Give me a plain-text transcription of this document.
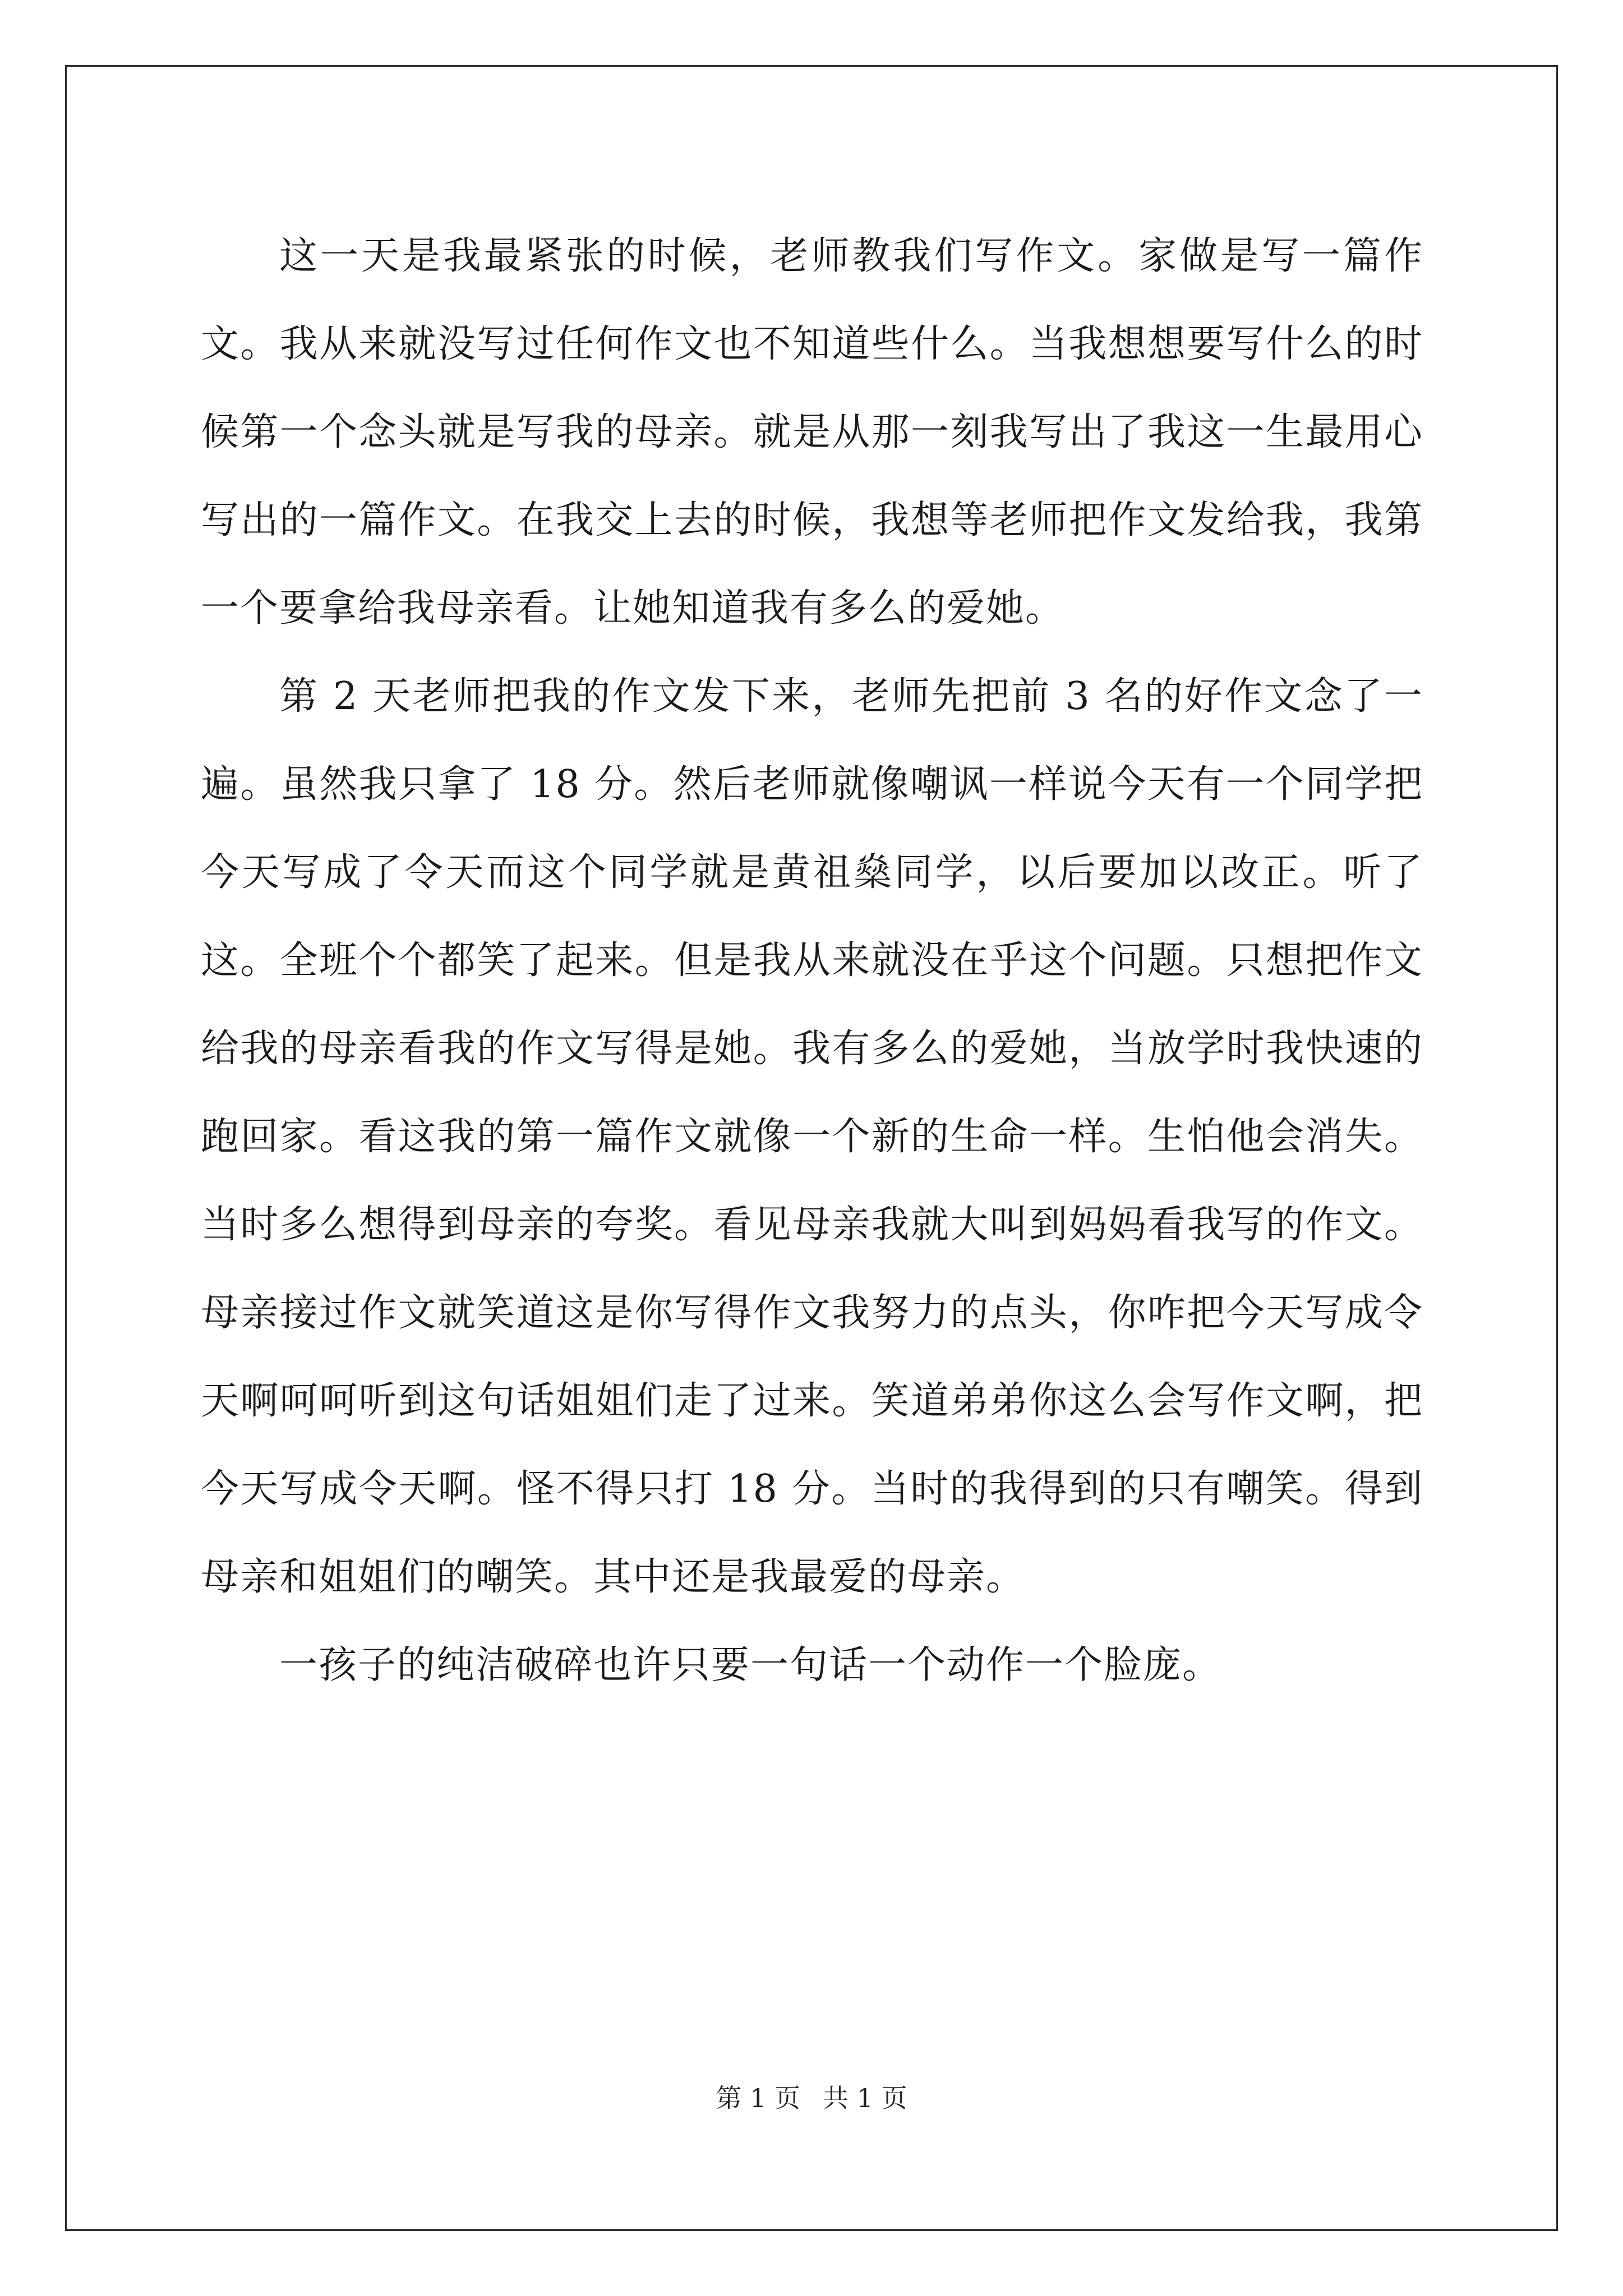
这一天是我最紧张的时候，老师教我们写作文。家做是写一篇作文。我从来就没写过任何作文也不知道些什么。当我想想要写什么的时候第一个念头就是写我的母亲。就是从那一刻我写出了我这一生最用心写出的一篇作文。在我交上去的时候，我想等老师把作文发给我，我第一个要拿给我母亲看。让她知道我有多么的爱她。

第 2 天老师把我的作文发下来，老师先把前 3 名的好作文念了一遍。虽然我只拿了 18 分。然后老师就像嘲讽一样说今天有一个同学把今天写成了令天而这个同学就是黄祖燊同学，以后要加以改正。听了这。全班个个都笑了起来。但是我从来就没在乎这个问题。只想把作文给我的母亲看我的作文写得是她。我有多么的爱她，当放学时我快速的跑回家。看这我的第一篇作文就像一个新的生命一样。生怕他会消失。当时多么想得到母亲的夸奖。看见母亲我就大叫到妈妈看我写的作文。母亲接过作文就笑道这是你写得作文我努力的点头，你咋把今天写成令天啊呵呵听到这句话姐姐们走了过来。笑道弟弟你这么会写作文啊，把今天写成令天啊。怪不得只打 18 分。当时的我得到的只有嘲笑。得到母亲和姐姐们的嘲笑。其中还是我最爱的母亲。

一孩子的纯洁破碎也许只要一句话一个动作一个脸庞。

第 1 页 共 1 页
